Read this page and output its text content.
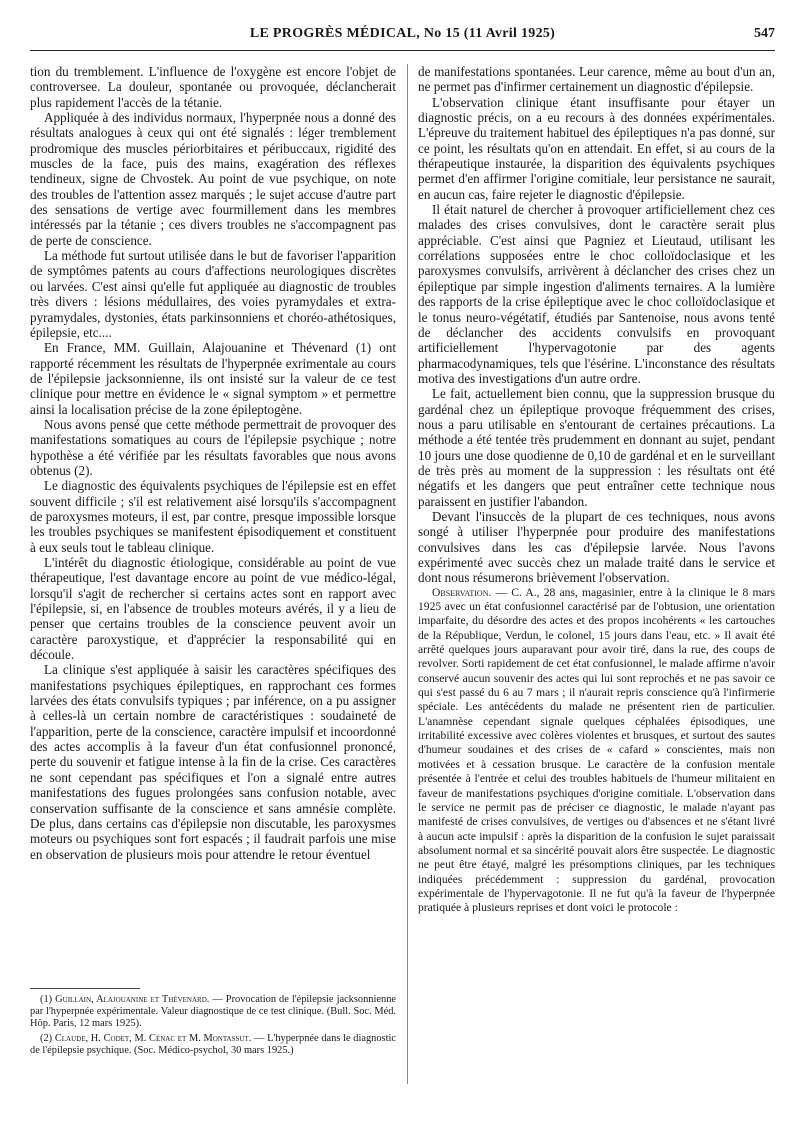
LE PROGRÈS MÉDICAL, No 15 (11 Avril 1925)	547

tion du tremblement. L'influence de l'oxygène est encore l'objet de controversee. La douleur, spontanée ou provoquée, déclancherait plus rapidement l'accès de la tétanie.

Appliquée à des individus normaux, l'hyperpnée nous a donné des résultats analogues à ceux qui ont été signalés : léger tremblement prodromique des muscles périorbitaires et péribuccaux, rigidité des muscles de la face, puis des mains, exagération des réflexes tendineux, signe de Chvostek. Au point de vue psychique, on note des troubles de l'attention assez marqués ; le sujet accuse d'autre part des sensations de vertige avec fourmillement dans les membres intéressés par la tétanie ; ces divers troubles ne s'accompagnent pas de perte de conscience.

La méthode fut surtout utilisée dans le but de favoriser l'apparition de symptômes patents au cours d'affections neurologiques discrètes ou larvées. C'est ainsi qu'elle fut appliquée au diagnostic de troubles très divers : lésions médullaires, des voies pyramydales et extra-pyramydales, dystonies, états parkinsonniens et choréo-athétosiques, épilepsie, etc....

En France, MM. Guillain, Alajouanine et Thévenard (1) ont rapporté récemment les résultats de l'hyperpnée exrimentale au cours de l'épilepsie jacksonnienne, ils ont insisté sur la valeur de ce test clinique pour mettre en évidence le « signal symptom » et permettre ainsi la localisation précise de la zone épileptogène.

Nous avons pensé que cette méthode permettrait de provoquer des manifestations somatiques au cours de l'épilepsie psychique ; notre hypothèse a été vérifiée par les résultats favorables que nous avons obtenus (2).

Le diagnostic des équivalents psychiques de l'épilepsie est en effet souvent difficile ; s'il est relativement aisé lorsqu'ils s'accompagnent de paroxysmes moteurs, il est, par contre, presque impossible lorsque les troubles psychiques se manifestent épisodiquement et constituent à eux seuls tout le tableau clinique.

L'intérêt du diagnostic étiologique, considérable au point de vue thérapeutique, l'est davantage encore au point de vue médico-légal, lorsqu'il s'agit de rechercher si certains actes sont en rapport avec l'épilepsie, si, en l'absence de troubles moteurs avérés, il y a lieu de penser que certains troubles de la conscience peuvent avoir un caractère paroxystique, et d'apprécier la responsabilité qui en découle.

La clinique s'est appliquée à saisir les caractères spécifiques des manifestations psychiques épileptiques, en rapprochant ces formes larvées des états convulsifs typiques ; par inférence, on a pu assigner à celles-là un certain nombre de caractéristiques : soudaineté de l'apparition, perte de la conscience, caractère impulsif et incoordonné des actes accomplis à la faveur d'un état confusionnel prononcé, perte du souvenir et fatigue intense à la fin de la crise. Ces caractères ne sont cependant pas spécifiques et l'on a signalé entre autres manifestations des fugues prolongées sans confusion notable, avec conservation suffisante de la conscience et sans amnésie complète. De plus, dans certains cas d'épilepsie non discutable, les paroxysmes moteurs ou psychiques sont fort espacés ; il faudrait parfois une mise en observation de plusieurs mois pour attendre le retour éventuel

(1) Guillain, Alajouanine et Thévenard. — Provocation de l'épilepsie jacksonnienne par l'hyperpnée expérimentale. Valeur diagnostique de ce test clinique. (Bull. Soc. Méd. Hôp. Paris, 12 mars 1925).

(2) Claude, H. Codet, M. Cénac et M. Montassut. — L'hyperpnée dans le diagnostic de l'épilepsie psychique. (Soc. Médico-psychol, 30 mars 1925.)

de manifestations spontanées. Leur carence, même au bout d'un an, ne permet pas d'infirmer certainement un diagnostic d'épilepsie.

L'observation clinique étant insuffisante pour étayer un diagnostic précis, on a eu recours à des données expérimentales. L'épreuve du traitement habituel des épileptiques n'a pas donné, sur ce point, les résultats qu'on en attendait. En effet, si au cours de la thérapeutique instaurée, la disparition des équivalents psychiques permet d'en affirmer l'origine comitiale, leur persistance ne saurait, en aucun cas, faire rejeter le diagnostic d'épilepsie.

Il était naturel de chercher à provoquer artificiellement chez ces malades des crises convulsives, dont le caractère serait plus appréciable. C'est ainsi que Pagniez et Lieutaud, utilisant les corrélations supposées entre le choc colloïdoclasique et les paroxysmes convulsifs, arrivèrent à déclancher des crises chez un épileptique par simple ingestion d'aliments ternaires. A la lumière des rapports de la crise épileptique avec le choc colloïdoclasique et le tonus neuro-végétatif, étudiés par Santenoise, nous avons tenté de déclancher des accidents convulsifs en provoquant artificiellement l'hypervagotonie par des agents pharmacodynamiques, tels que l'ésérine. L'inconstance des résultats motiva des investigations d'un autre ordre.

Le fait, actuellement bien connu, que la suppression brusque du gardénal chez un épileptique provoque fréquemment des crises, nous a paru utilisable en s'entourant de certaines précautions. La méthode a été tentée très prudemment en donnant au sujet, pendant 10 jours une dose quodienne de 0,10 de gardénal et en le surveillant de très près au moment de la suppression : les résultats ont été négatifs et les dangers que peut entraîner cette technique nous paraissent en justifier l'abandon.

Devant l'insuccès de la plupart de ces techniques, nous avons songé à utiliser l'hyperpnée pour produire des manifestations convulsives dans les cas d'épilepsie larvée. Nous l'avons expérimenté avec succès chez un malade traité dans le service et dont nous résumerons brièvement l'observation.

Observation. — C. A., 28 ans, magasinier, entre à la clinique le 8 mars 1925 avec un état confusionnel caractérisé par de l'obtusion, une orientation imparfaite, du désordre des actes et des propos incohérents « les cartouches de la République, Verdun, le colonel, 15 jours dans l'eau, etc. » Il avait été arrêté quelques jours auparavant pour avoir tiré, dans la rue, des coups de revolver. Sorti rapidement de cet état confusionnel, le malade affirme n'avoir conservé aucun souvenir des actes qui lui sont reprochés et ne pas savoir ce qui s'est passé du 6 au 7 mars ; il n'aurait repris conscience qu'à l'infirmerie spéciale. Les antécédents du malade ne présentent rien de particulier. L'anamnèse cependant signale quelques céphalées épisodiques, une irritabilité excessive avec colères violentes et brusques, et surtout des sautes d'humeur soudaines et des crises de « cafard » conscientes, mais non motivées et à cessation brusque. Le caractère de la confusion mentale présentée à l'entrée et celui des troubles habituels de l'humeur militaient en faveur de manifestations psychiques d'origine comitiale. L'observation dans le service ne permit pas de préciser ce diagnostic, le malade n'ayant pas manifesté de crises convulsives, de vertiges ou d'absences et ne s'étant livré à aucun acte impulsif : après la disparition de la confusion le sujet paraissait absolument normal et sa sincérité pouvait alors être suspectée. Le diagnostic ne peut être étayé, malgré les présomptions cliniques, par les techniques indiquées précédemment : suppression du gardénal, provocation expérimentale de l'hypervagotonie. Il ne fut qu'à la faveur de l'hyperpnée pratiquée à plusieurs reprises et dont voici le protocole :
